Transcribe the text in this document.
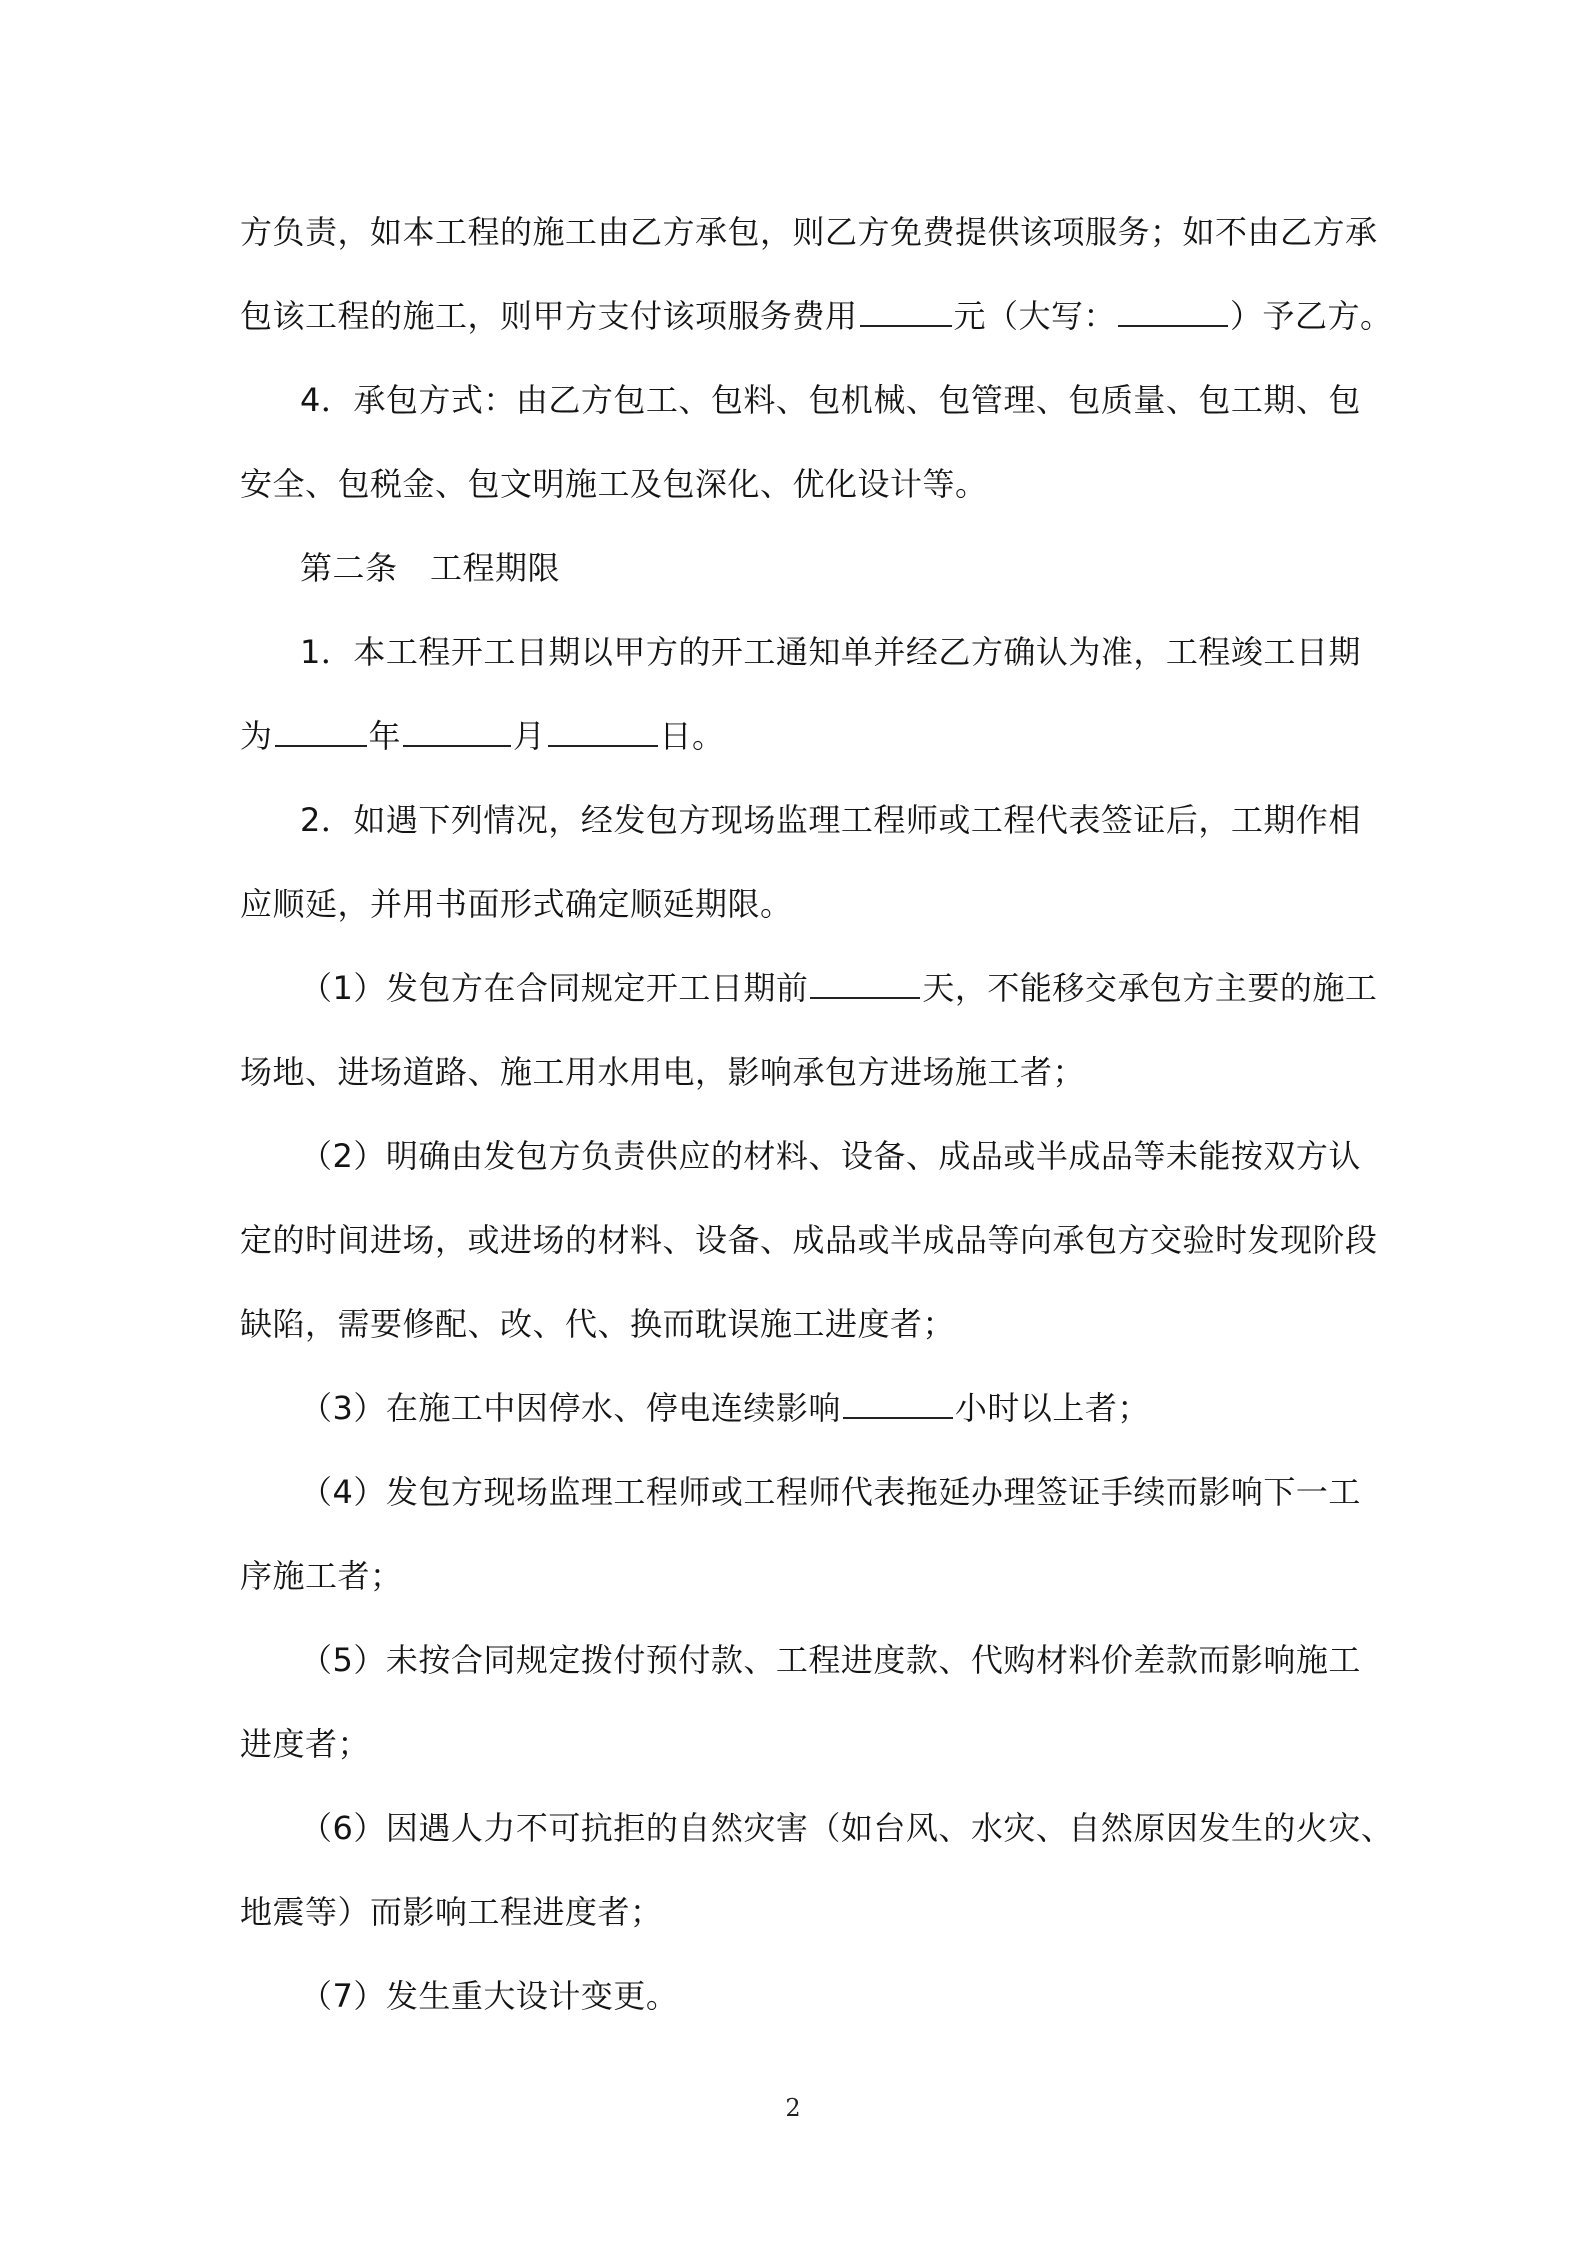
方负责，如本工程的施工由乙方承包，则乙方免费提供该项服务；如不由乙方承
包该工程的施工，则甲方支付该项服务费用	元（大写：	）予乙方。
4．承包方式：由乙方包工、包料、包机械、包管理、包质量、包工期、包
安全、包税金、包文明施工及包深化、优化设计等。
第二条　工程期限
1．本工程开工日期以甲方的开工通知单并经乙方确认为准，工程竣工日期
为	年	月	日。
2．如遇下列情况，经发包方现场监理工程师或工程代表签证后，工期作相
应顺延，并用书面形式确定顺延期限。
（1）发包方在合同规定开工日期前	天，不能移交承包方主要的施工
场地、进场道路、施工用水用电，影响承包方进场施工者；
（2）明确由发包方负责供应的材料、设备、成品或半成品等未能按双方认
定的时间进场，或进场的材料、设备、成品或半成品等向承包方交验时发现阶段
缺陷，需要修配、改、代、换而耽误施工进度者；
（3）在施工中因停水、停电连续影响	小时以上者；
（4）发包方现场监理工程师或工程师代表拖延办理签证手续而影响下一工
序施工者；
（5）未按合同规定拨付预付款、工程进度款、代购材料价差款而影响施工
进度者；
（6）因遇人力不可抗拒的自然灾害（如台风、水灾、自然原因发生的火灾、
地震等）而影响工程进度者；
（7）发生重大设计变更。
2
